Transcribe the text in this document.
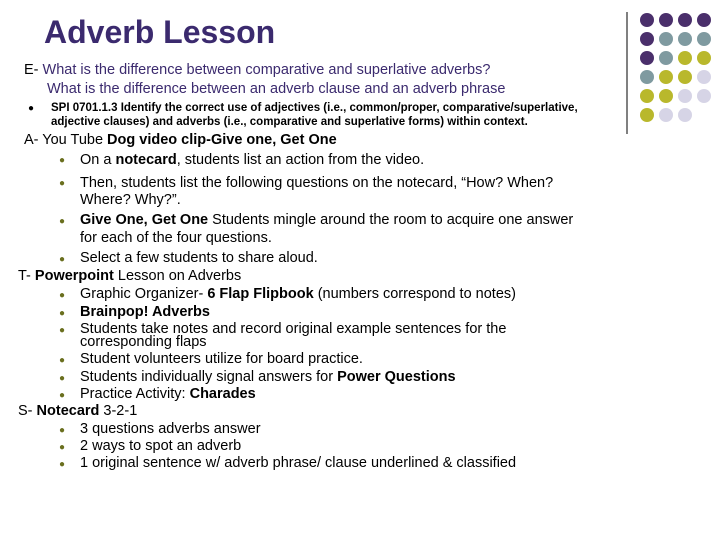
Adverb Lesson
E- What is the difference between comparative and superlative adverbs?
What is the difference between an adverb clause and an adverb phrase
● SPI 0701.1.3 Identify the correct use of adjectives (i.e., common/proper, comparative/superlative,
adjective clauses) and adverbs (i.e., comparative and superlative forms) within context.
A- You Tube Dog video clip-Give one, Get One
● On a notecard, students list an action from the video.
● Then, students list the following questions on the notecard, “How? When?
Where? Why?”.
● Give One, Get One Students mingle around the room to acquire one answer
for each of the four questions.
● Select a few students to share aloud.
T- Powerpoint Lesson on Adverbs
● Graphic Organizer- 6 Flap Flipbook (numbers correspond to notes)
● Brainpop! Adverbs
● Students take notes and record original example sentences for the
corresponding flaps
● Student volunteers utilize for board practice.
● Students individually signal answers for Power Questions
● Practice Activity: Charades
S- Notecard 3-2-1
● 3 questions adverbs answer
● 2 ways to spot an adverb
● 1 original sentence w/ adverb phrase/ clause underlined & classified
